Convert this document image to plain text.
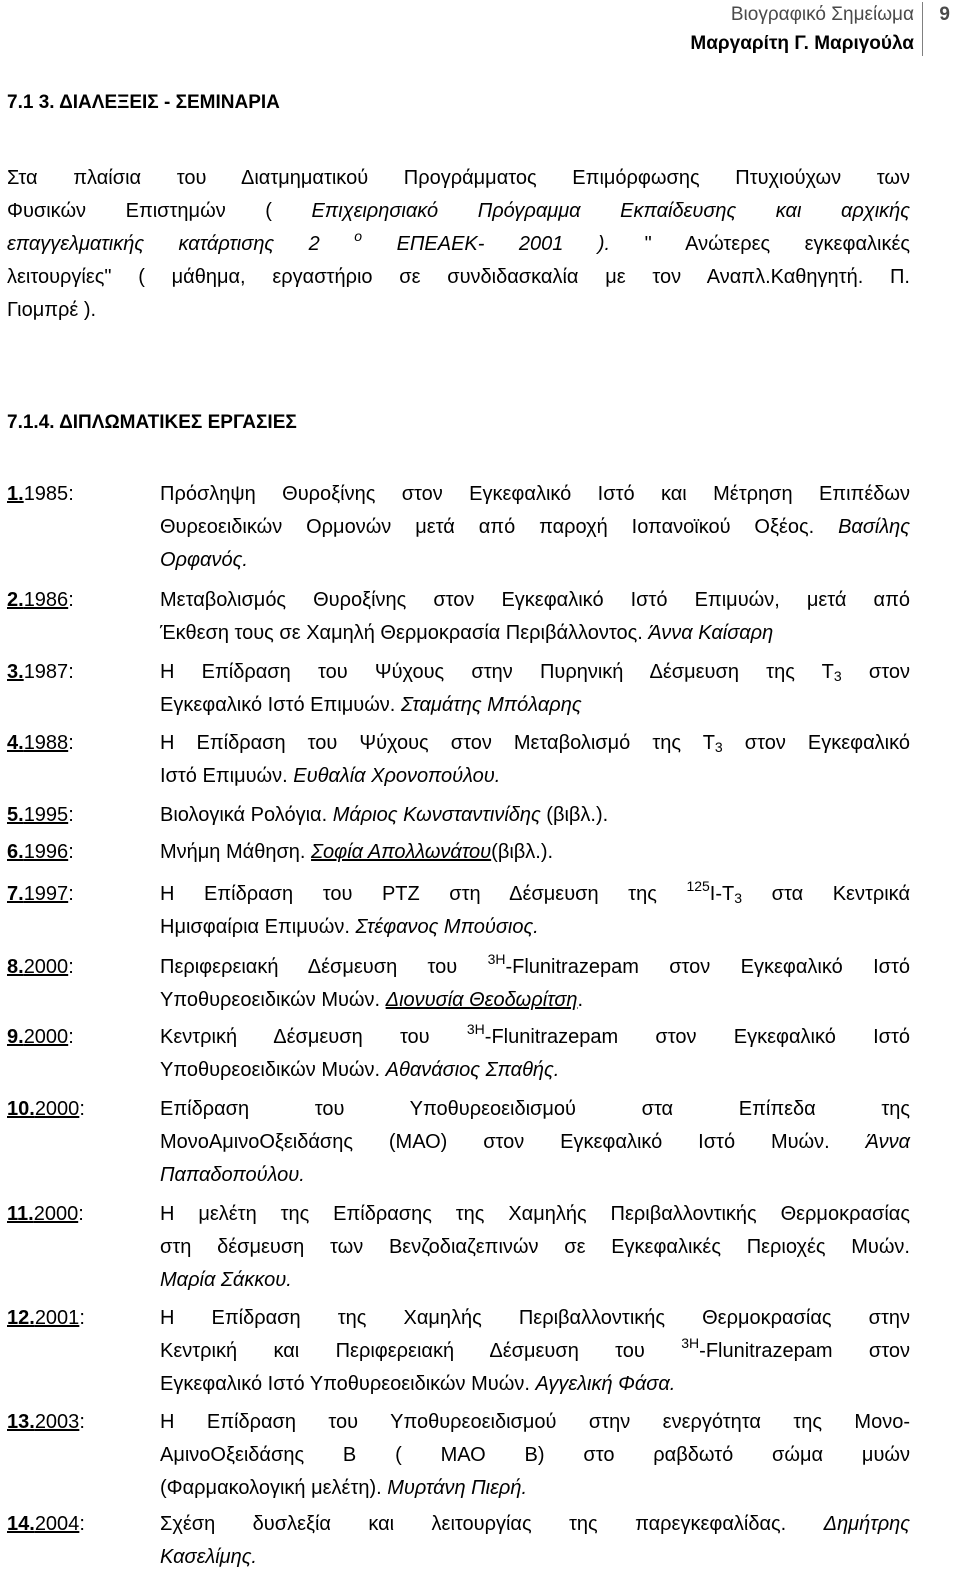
Βιογραφικό Σημείωμα
Μαργαρίτη Γ. Μαριγούλα
9
7.1 3. ΔΙΑΛΕΞΕΙΣ - ΣΕΜΙΝΑΡΙΑ
Στα πλαίσια του Διατμηματικού Προγράμματος Επιμόρφωσης Πτυχιούχων των
Φυσικών Επιστημών ( Επιχειρησιακό Πρόγραμμα Εκπαίδευσης και αρχικής
επαγγελματικής κατάρτισης 2 $^o$ ΕΠΕΑΕΚ- 2001 ). " Ανώτερες εγκεφαλικές
λειτουργίες" ( μάθημα, εργαστήριο σε συνδιδασκαλία με τον Αναπλ.Καθηγητή. Π.
Γιομπρέ ).
7.1.4. ΔΙΠΛΩΜΑΤΙΚΕΣ ΕΡΓΑΣΙΕΣ
1.1985:	Πρόσληψη Θυροξίνης στον Εγκεφαλικό Ιστό και Μέτρηση Επιπέδων
Θυρεοειδικών Ορμονών μετά από παροχή Ιοπανοϊκού Οξέος. Βασίλης
Ορφανός.
2.1986:	Μεταβολισμός Θυροξίνης στον Εγκεφαλικό Ιστό Επιμυών, μετά από
Έκθεση τους σε Χαμηλή Θερμοκρασία Περιβάλλοντος. Άννα Καίσαρη
3.1987:	Η Επίδραση του Ψύχους στην Πυρηνική Δέσμευση της $T_3$ στον
Εγκεφαλικό Ιστό Επιμυών. Σταμάτης Μπόλαρης
4.1988:	Η Επίδραση του Ψύχους στον Μεταβολισμό της $T_3$ στον Εγκεφαλικό
Ιστό Επιμυών. Ευθαλία Χρονοπούλου.
5.1995:	Βιολογικά Ρολόγια. Μάριος Κωνσταντινίδης (βιβλ.).
6.1996:	Μνήμη Μάθηση. Σοφία Απολλωνάτου(βιβλ.).
7.1997:	Η Επίδραση του PTZ στη Δέσμευση της $^{125}I-T_3$ στα Κεντρικά
Ημισφαίρια Επιμυών. Στέφανος Μπούσιος.
8.2000:	Περιφερειακή Δέσμευση του $^{3H}$-Flunitrazepam στον Εγκεφαλικό Ιστό
Υποθυρεοειδικών Μυών. Διονυσία Θεοδωρίτση.
9.2000:	Κεντρική Δέσμευση του	$^{3H}$-Flunitrazepam στον Εγκεφαλικό Ιστό
Υποθυρεοειδικών Μυών. Αθανάσιος Σπαθής.
10.2000:	Επίδραση του Υποθυρεοειδισμού στα Επίπεδα της
ΜονοΑμινοΟξειδάσης (ΜΑΟ) στον Εγκεφαλικό Ιστό Μυών. Άννα
Παπαδοπούλου.
11.2000:	Η μελέτη της Επίδρασης της Χαμηλής Περιβαλλοντικής Θερμοκρασίας
στη δέσμευση των Βενζοδιαζεπινών σε Εγκεφαλικές Περιοχές Μυών.
Μαρία Σάκκου.
12.2001:	Η Επίδραση της Χαμηλής Περιβαλλοντικής Θερμοκρασίας στην
Κεντρική και Περιφερειακή Δέσμευση του	$^{3H}$-Flunitrazepam στον
Εγκεφαλικό Ιστό Υποθυρεοειδικών Μυών. Αγγελική Φάσα.
13.2003:	Η Επίδραση του Υποθυρεοειδισμού στην ενεργότητα της Μονο-
ΑμινοΟξειδάσης Β ( ΜΑΟ Β) στο ραβδωτό σώμα μυών
(Φαρμακολογική μελέτη). Μυρτάνη Πιερή.
14.2004:	Σχέση δυσλεξία και λειτουργίας της παρεγκεφαλίδας. Δημήτρης
Κασελίμης.
